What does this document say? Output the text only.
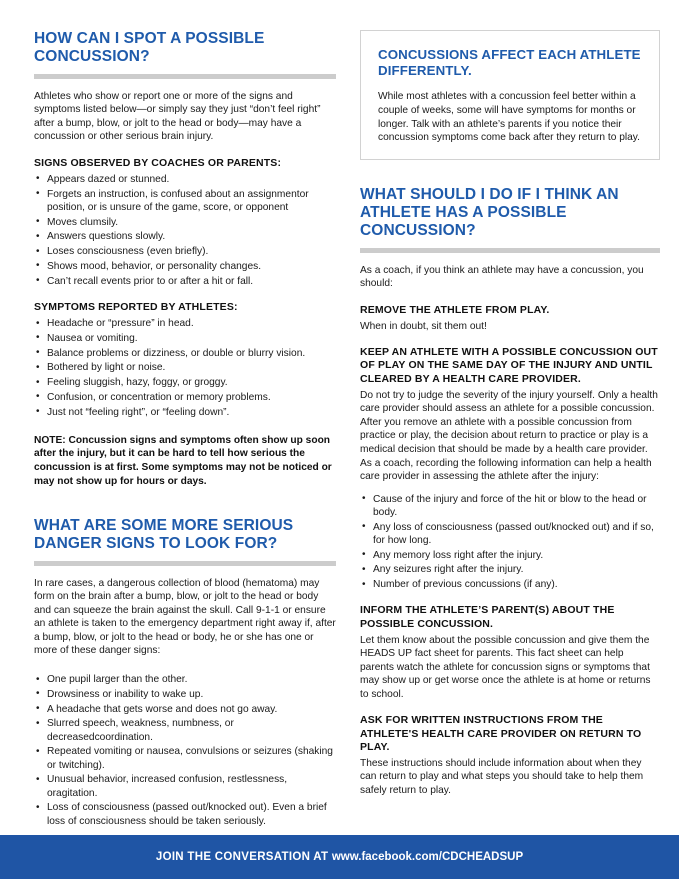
HOW CAN I SPOT A POSSIBLE CONCUSSION?

Athletes who show or report one or more of the signs and symptoms listed below—or simply say they just “don’t feel right” after a bump, blow, or jolt to the head or body—may have a concussion or other serious brain injury.

SIGNS OBSERVED BY COACHES OR PARENTS:
• Appears dazed or stunned.
• Forgets an instruction, is confused about an assignmentor position, or is unsure of the game, score, or opponent
• Moves clumsily.
• Answers questions slowly.
• Loses consciousness (even briefly).
• Shows mood, behavior, or personality changes.
• Can’t recall events prior to or after a hit or fall.
SYMPTOMS REPORTED BY ATHLETES:
• Headache or “pressure” in head.
• Nausea or vomiting.
• Balance problems or dizziness, or double or blurry vision.
• Bothered by light or noise.
• Feeling sluggish, hazy, foggy, or groggy.
• Confusion, or concentration or memory problems.
• Just not “feeling right”, or “feeling down”.

NOTE: Concussion signs and symptoms often show up soon after the injury, but it can be hard to tell how serious the concussion is at first. Some symptoms may not be noticed or may not show up for hours or days.

WHAT ARE SOME MORE SERIOUS DANGER SIGNS TO LOOK FOR?

In rare cases, a dangerous collection of blood (hematoma) may form on the brain after a bump, blow, or jolt to the head or body and can squeeze the brain against the skull. Call 9-1-1 or ensure an athlete is taken to the emergency department right away if, after a bump, blow, or jolt to the head or body, he or she has one or more of these danger signs:

• One pupil larger than the other.
• Drowsiness or inability to wake up.
• A headache that gets worse and does not go away.
• Slurred speech, weakness, numbness, or decreasedcoordination.
• Repeated vomiting or nausea, convulsions or seizures (shaking or twitching).
• Unusual behavior, increased confusion, restlessness, oragitation.
• Loss of consciousness (passed out/knocked out). Even a brief loss of consciousness should be taken seriously.
CONCUSSIONS AFFECT EACH ATHLETE DIFFERENTLY.

While most athletes with a concussion feel better within a couple of weeks, some will have symptoms for months or longer. Talk with an athlete’s parents if you notice their concussion symptoms come back after they return to play.

WHAT SHOULD I DO IF I THINK AN ATHLETE HAS A POSSIBLE CONCUSSION?

As a coach, if you think an athlete may have a concussion, you should:

REMOVE THE ATHLETE FROM PLAY.

When in doubt, sit them out!

KEEP AN ATHLETE WITH A POSSIBLE CONCUSSION OUT OF PLAY ON THE SAME DAY OF THE INJURY AND UNTIL CLEARED BY A HEALTH CARE PROVIDER.

Do not try to judge the severity of the injury yourself. Only a health care provider should assess an athlete for a possible concussion. After you remove an athlete with a possible concussion from practice or play, the decision about return to practice or play is a medical decision that should be made by a health care provider. As a coach, recording the following information can help a health care provider in assessing the athlete after the injury:

• Cause of the injury and force of the hit or blow to the head or body.
• Any loss of consciousness (passed out/knocked out) and if so, for how long.
• Any memory loss right after the injury.
• Any seizures right after the injury.
• Number of previous concussions (if any).
INFORM THE ATHLETE’S PARENT(S) ABOUT THE POSSIBLE CONCUSSION.

Let them know about the possible concussion and give them the HEADS UP fact sheet for parents. This fact sheet can help parents watch the athlete for concussion signs or symptoms that may show up or get worse once the athlete is at home or returns to school.

ASK FOR WRITTEN INSTRUCTIONS FROM THE ATHLETE'S HEALTH CARE PROVIDER ON RETURN TO PLAY.

These instructions should include information about when they can return to play and what steps you should take to help them safely return to play.

JOIN THE CONVERSATION AT www.facebook.com/CDCHEADSUP
